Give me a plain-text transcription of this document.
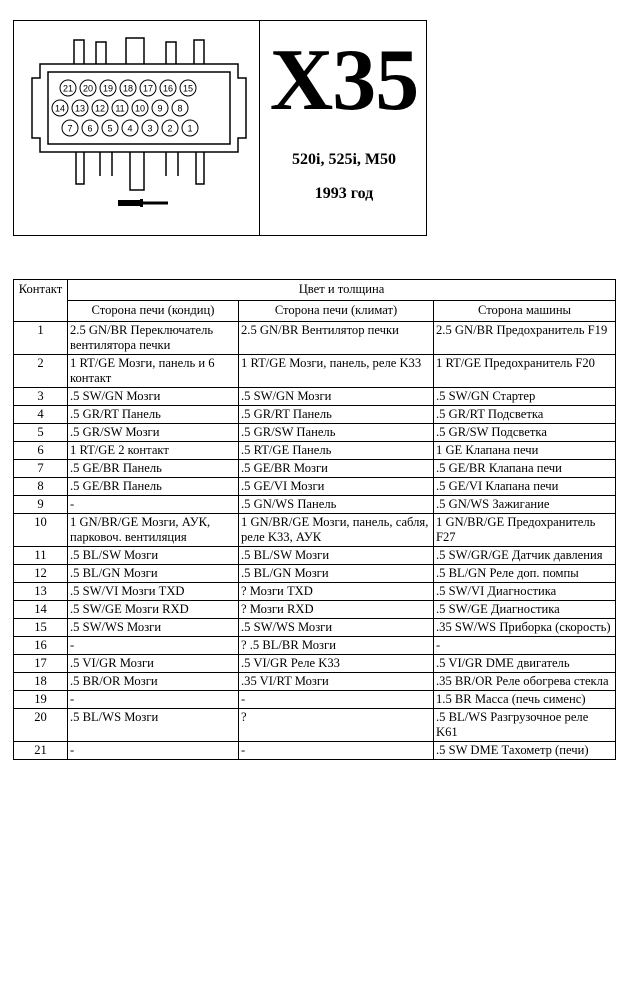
21 20 19 18 17 16 15
14 13 12 11 10 9 8
7 6 5 4 3 2 1 X35
520i, 525i, M50
1993 год
Контакт	Цвет и толщина		
	Сторона печи (кондиц)	Сторона печи (климат)	Сторона машины
1	2.5 GN/BR Переключатель вентилятора печки	2.5 GN/BR Вентилятор печки	2.5 GN/BR Предохранитель F19
2	1 RT/GE Мозги, панель и 6 контакт	1 RT/GE Мозги, панель, реле K33	1 RT/GE Предохранитель F20
3	.5 SW/GN Мозги	.5 SW/GN Мозги	.5 SW/GN Стартер
4	.5 GR/RT Панель	.5 GR/RT Панель	.5 GR/RT Подсветка
5	.5 GR/SW Мозги	.5 GR/SW Панель	.5 GR/SW Подсветка
6	1 RT/GE 2 контакт	.5 RT/GE Панель	1 GE Клапана печи
7	.5 GE/BR Панель	.5 GE/BR Мозги	.5 GE/BR Клапана печи
8	.5 GE/BR Панель	.5 GE/VI Мозги	.5 GE/VI Клапана печи
9	-	.5 GN/WS Панель	.5 GN/WS Зажигание
10	1 GN/BR/GE Мозги, АУК, парковоч. вентиляция	1 GN/BR/GE Мозги, панель, сабля, реле K33, АУК	1 GN/BR/GE Предохранитель F27
11	.5 BL/SW Мозги	.5 BL/SW Мозги	.5 SW/GR/GE Датчик давления
12	.5 BL/GN Мозги	.5 BL/GN Мозги	.5 BL/GN Реле доп. помпы
13	.5 SW/VI Мозги TXD	? Мозги TXD	.5 SW/VI Диагностика
14	.5 SW/GE Мозги RXD	? Мозги RXD	.5 SW/GE Диагностика
15	.5 SW/WS Мозги	.5 SW/WS Мозги	.35 SW/WS Приборка (скорость)
16	-	? .5 BL/BR Мозги	-
17	.5 VI/GR Мозги	.5 VI/GR Реле K33	.5 VI/GR DME двигатель
18	.5 BR/OR Мозги	.35 VI/RT Мозги	.35 BR/OR Реле обогрева стекла
19	-	-	1.5 BR Масса (печь сименс)
20	.5 BL/WS Мозги	?	.5 BL/WS Разгрузочное реле K61
21	-	-	.5 SW DME Тахометр (печи)
